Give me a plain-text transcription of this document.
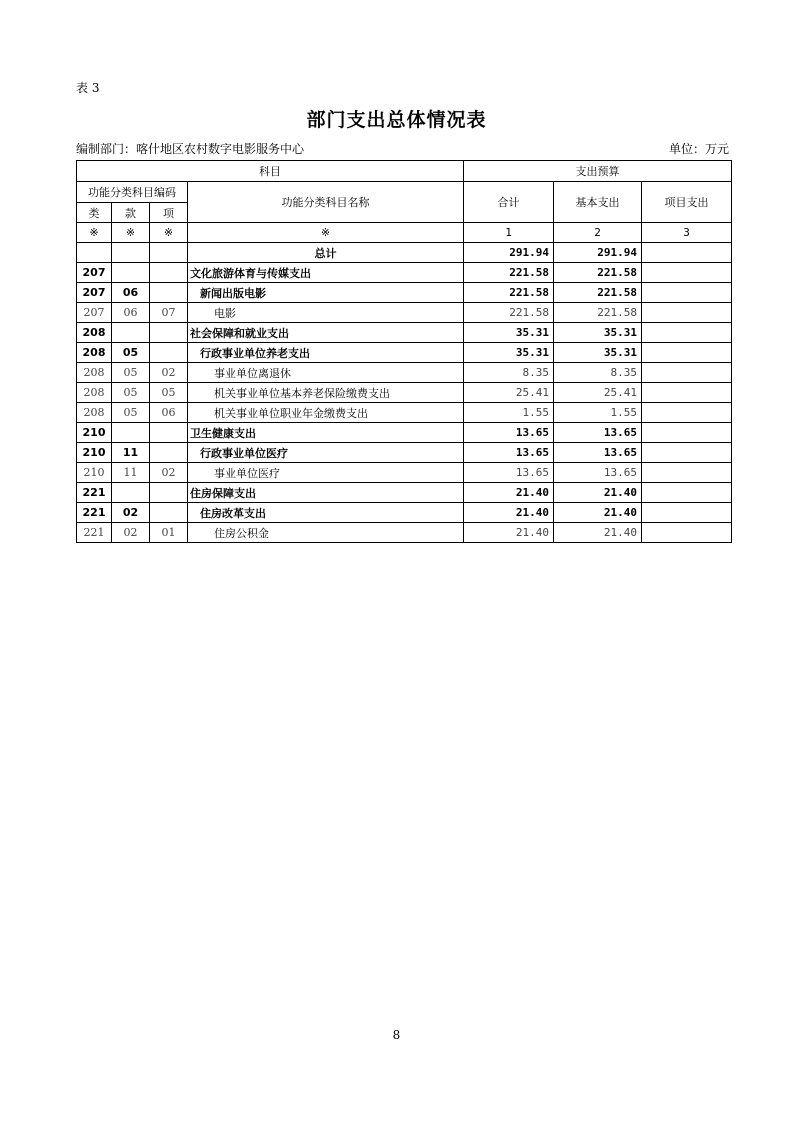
表 3
部门支出总体情况表
编制部门：喀什地区农村数字电影服务中心	单位：万元
科目				支出预算		
功能分类科目编码			功能分类科目名称	合计	基本支出	项目支出
类	款	项				
※	※	※	※	1	2	3
			总计	291.94	291.94	
207			文化旅游体育与传媒支出	221.58	221.58	
207	06		新闻出版电影	221.58	221.58	
207	06	07	电影	221.58	221.58	
208			社会保障和就业支出	35.31	35.31	
208	05		行政事业单位养老支出	35.31	35.31	
208	05	02	事业单位离退休	8.35	8.35	
208	05	05	机关事业单位基本养老保险缴费支出	25.41	25.41	
208	05	06	机关事业单位职业年金缴费支出	1.55	1.55	
210			卫生健康支出	13.65	13.65	
210	11		行政事业单位医疗	13.65	13.65	
210	11	02	事业单位医疗	13.65	13.65	
221			住房保障支出	21.40	21.40	
221	02		住房改革支出	21.40	21.40	
221	02	01	住房公积金	21.40	21.40	
8
